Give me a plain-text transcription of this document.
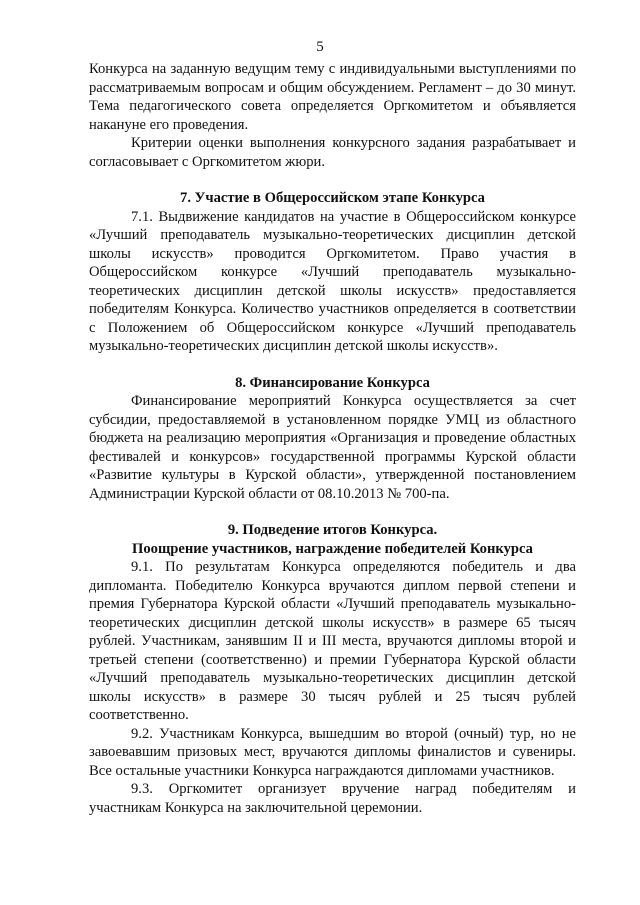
5

Конкурса на заданную ведущим тему с индивидуальными выступлениями по рассматриваемым вопросам и общим обсуждением. Регламент – до 30 минут. Тема педагогического совета определяется Оргкомитетом и объявляется накануне его проведения.

Критерии оценки выполнения конкурсного задания разрабатывает и согласовывает с Оргкомитетом жюри.

7. Участие в Общероссийском этапе Конкурса

7.1. Выдвижение кандидатов на участие в Общероссийском конкурсе «Лучший преподаватель музыкально-теоретических дисциплин детской школы искусств» проводится Оргкомитетом. Право участия в Общероссийском конкурсе «Лучший преподаватель музыкально-теоретических дисциплин детской школы искусств» предоставляется победителям Конкурса. Количество участников определяется в соответствии с Положением об Общероссийском конкурсе «Лучший преподаватель музыкально-теоретических дисциплин детской школы искусств».

8. Финансирование Конкурса

Финансирование мероприятий Конкурса осуществляется за счет субсидии, предоставляемой в установленном порядке УМЦ из областного бюджета на реализацию мероприятия «Организация и проведение областных фестивалей и конкурсов» государственной программы Курской области «Развитие культуры в Курской области», утвержденной постановлением Администрации Курской области от 08.10.2013 № 700-па.

9. Подведение итогов Конкурса.
Поощрение участников, награждение победителей Конкурса

9.1. По результатам Конкурса определяются победитель и два дипломанта. Победителю Конкурса вручаются диплом первой степени и премия Губернатора Курской области «Лучший преподаватель музыкально-теоретических дисциплин детской школы искусств» в размере 65 тысяч рублей. Участникам, занявшим II и III места, вручаются дипломы второй и третьей степени (соответственно) и премии Губернатора Курской области «Лучший преподаватель музыкально-теоретических дисциплин детской школы искусств» в размере 30 тысяч рублей и 25 тысяч рублей соответственно.

9.2. Участникам Конкурса, вышедшим во второй (очный) тур, но не завоевавшим призовых мест, вручаются дипломы финалистов и сувениры. Все остальные участники Конкурса награждаются дипломами участников.

9.3. Оргкомитет организует вручение наград победителям и участникам Конкурса на заключительной церемонии.
